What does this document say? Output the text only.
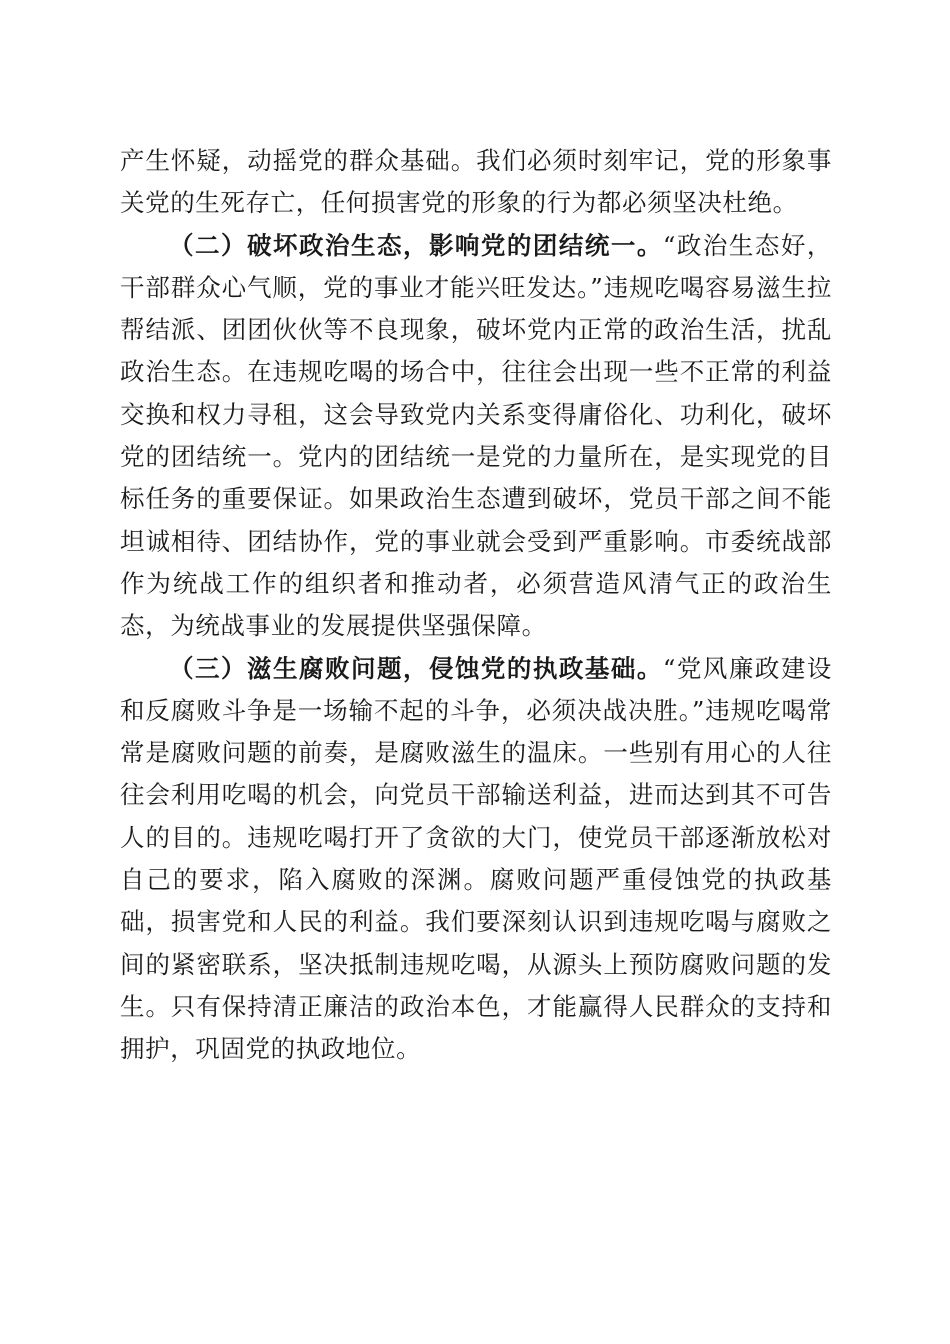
产生怀疑，动摇党的群众基础。我们必须时刻牢记，党的形象事关党的生死存亡，任何损害党的形象的行为都必须坚决杜绝。

（二）破坏政治生态，影响党的团结统一。“政治生态好，干部群众心气顺，党的事业才能兴旺发达。”违规吃喝容易滋生拉帮结派、团团伙伙等不良现象，破坏党内正常的政治生活，扰乱政治生态。在违规吃喝的场合中，往往会出现一些不正常的利益交换和权力寻租，这会导致党内关系变得庸俗化、功利化，破坏党的团结统一。党内的团结统一是党的力量所在，是实现党的目标任务的重要保证。如果政治生态遭到破坏，党员干部之间不能坦诚相待、团结协作，党的事业就会受到严重影响。市委统战部作为统战工作的组织者和推动者，必须营造风清气正的政治生态，为统战事业的发展提供坚强保障。

（三）滋生腐败问题，侵蚀党的执政基础。“党风廉政建设和反腐败斗争是一场输不起的斗争，必须决战决胜。”违规吃喝常常是腐败问题的前奏，是腐败滋生的温床。一些别有用心的人往往会利用吃喝的机会，向党员干部输送利益，进而达到其不可告人的目的。违规吃喝打开了贪欲的大门，使党员干部逐渐放松对自己的要求，陷入腐败的深渊。腐败问题严重侵蚀党的执政基础，损害党和人民的利益。我们要深刻认识到违规吃喝与腐败之间的紧密联系，坚决抵制违规吃喝，从源头上预防腐败问题的发生。只有保持清正廉洁的政治本色，才能赢得人民群众的支持和拥护，巩固党的执政地位。
